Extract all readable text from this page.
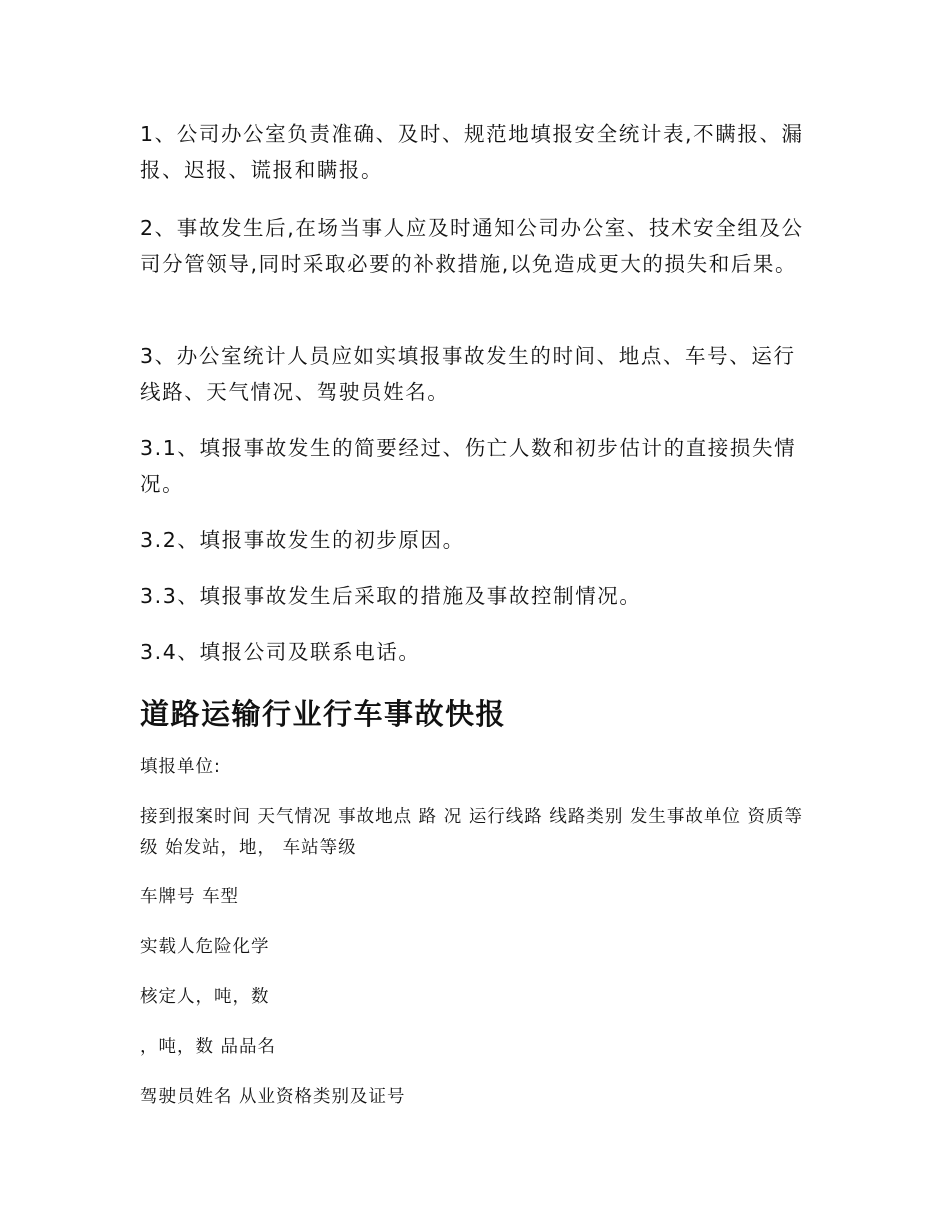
1、公司办公室负责准确、及时、规范地填报安全统计表,不瞒报、漏报、迟报、谎报和瞒报。

2、事故发生后,在场当事人应及时通知公司办公室、技术安全组及公司分管领导,同时采取必要的补救措施,以免造成更大的损失和后果。

3、办公室统计人员应如实填报事故发生的时间、地点、车号、运行线路、天气情况、驾驶员姓名。

3.1、填报事故发生的简要经过、伤亡人数和初步估计的直接损失情况。

3.2、填报事故发生的初步原因。

3.3、填报事故发生后采取的措施及事故控制情况。

3.4、填报公司及联系电话。

道路运输行业行车事故快报

填报单位:

接到报案时间 天气情况 事故地点 路 况 运行线路 线路类别 发生事故单位 资质等级 始发站，地， 车站等级

车牌号 车型

实载人危险化学

核定人，吨，数

，吨，数 品品名

驾驶员姓名 从业资格类别及证号
